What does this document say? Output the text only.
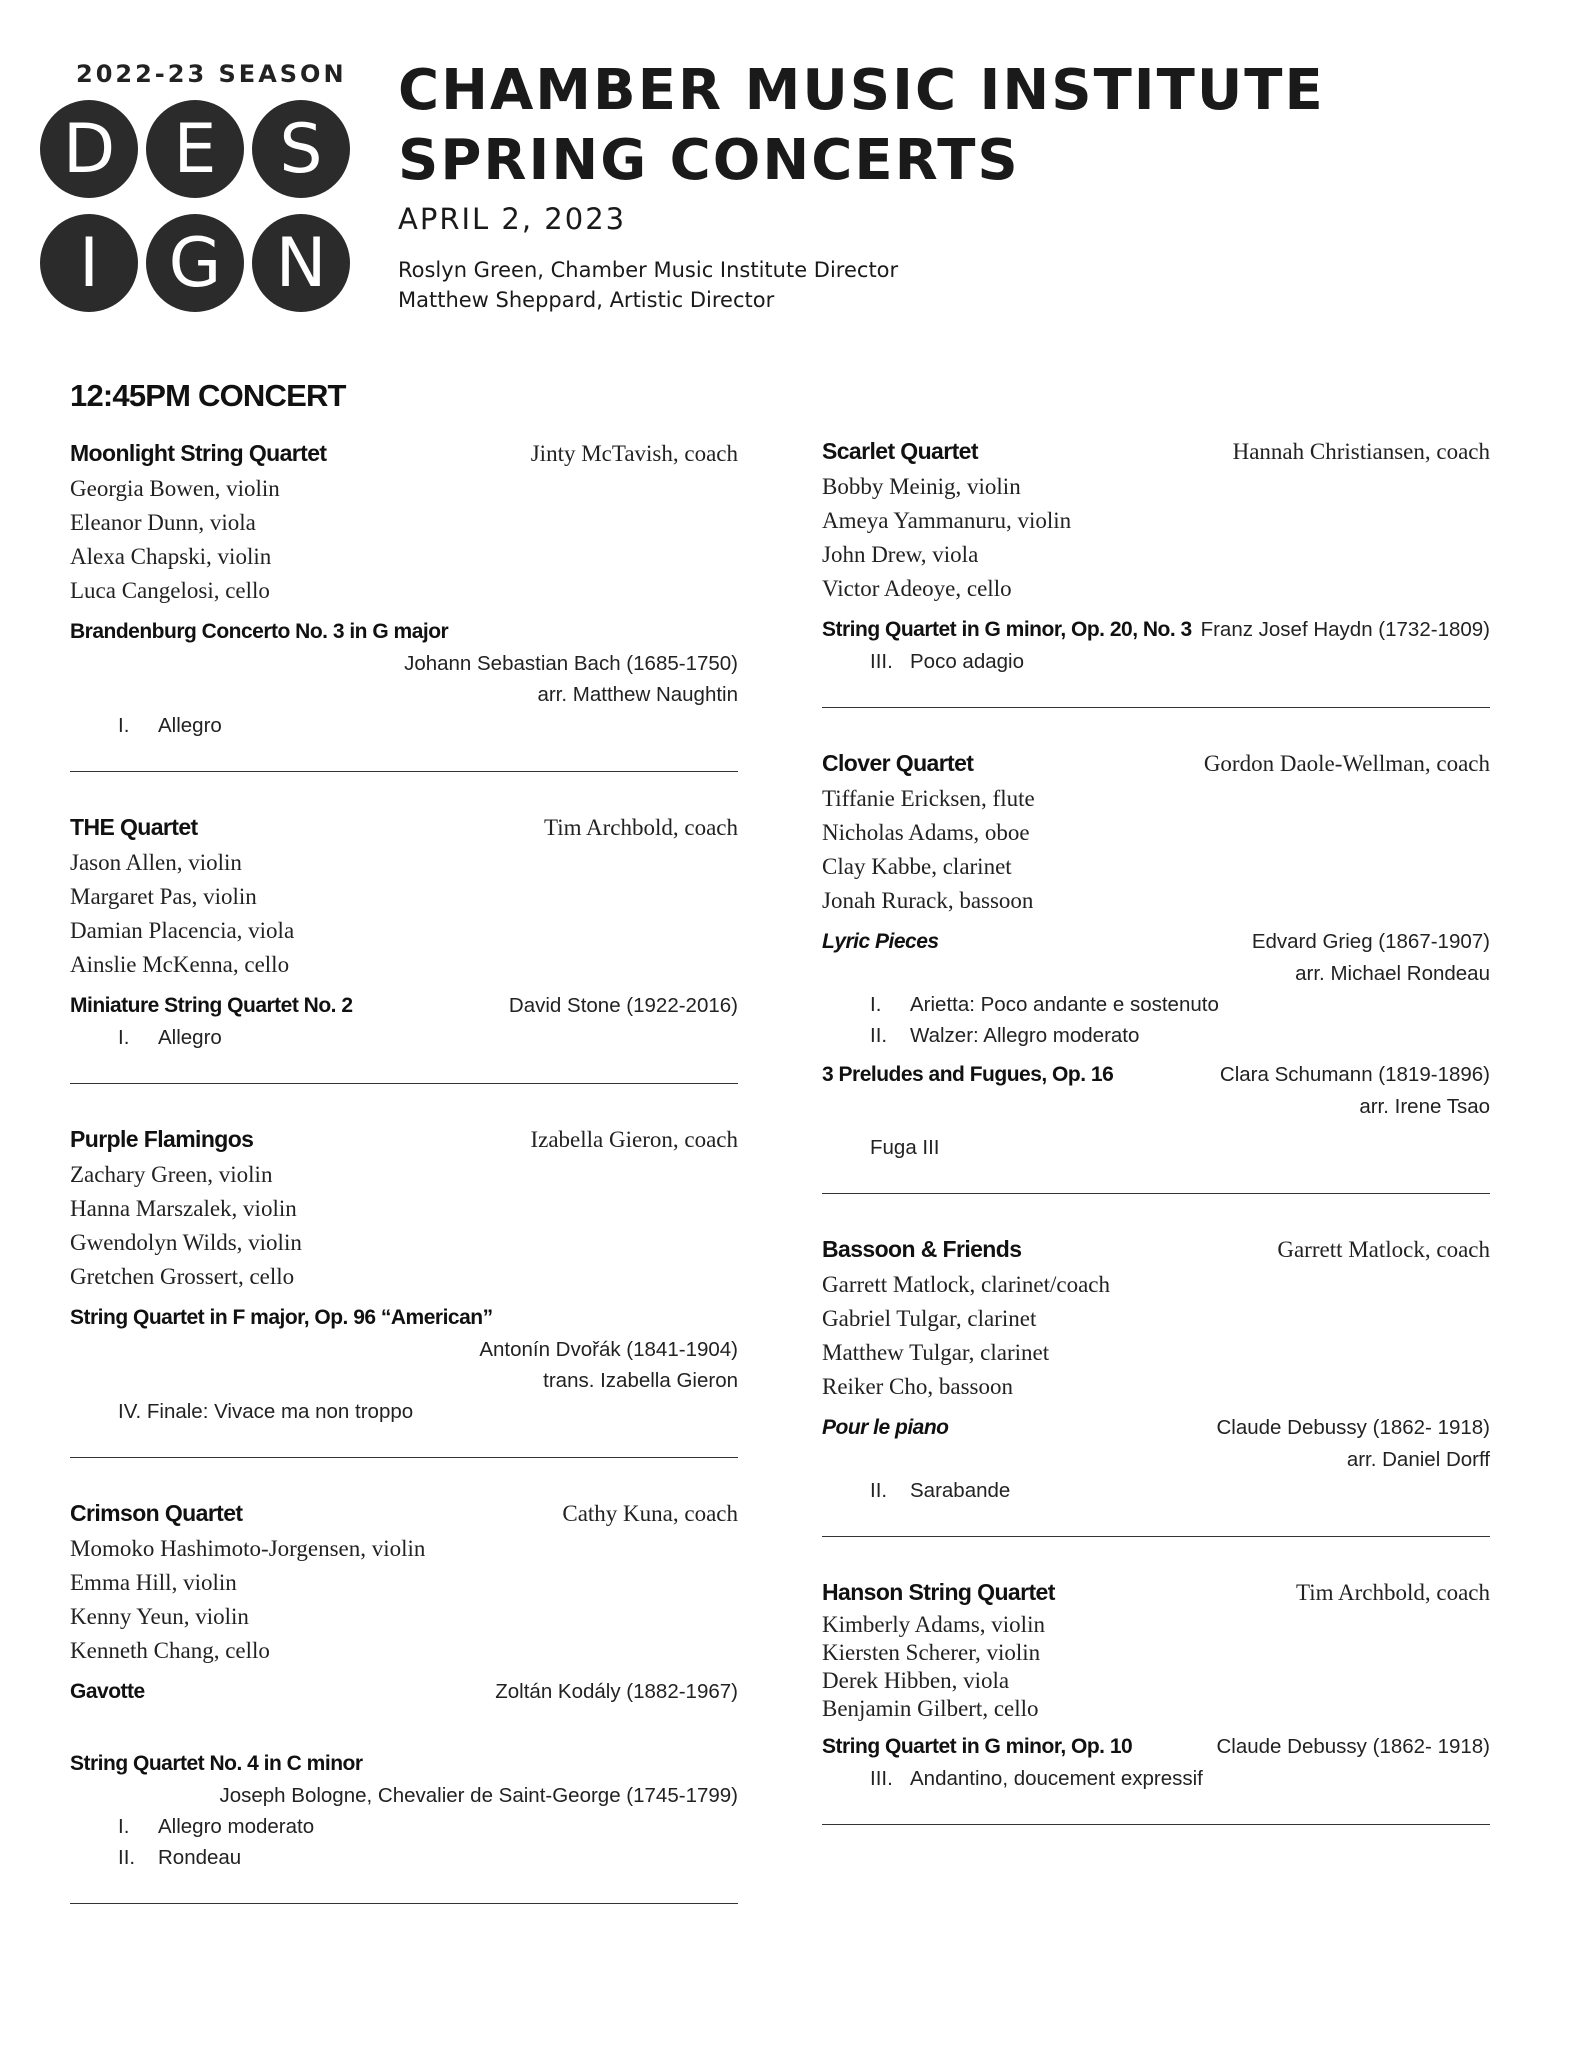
2022-23 SEASON
D E S
I	G N
CHAMBER MUSIC INSTITUTE
SPRING CONCERTS
APRIL 2, 2023
Roslyn Green, Chamber Music Institute Director
Matthew Sheppard, Artistic Director
12:45PM CONCERT
Moonlight String Quartet	Jinty McTavish, coach
Georgia Bowen, violin
Eleanor Dunn, viola
Alexa Chapski, violin
Luca Cangelosi, cello
Brandenburg Concerto No. 3 in G major
Johann Sebastian Bach (1685-1750)
arr. Matthew Naughtin
I.	Allegro
THE Quartet	Tim Archbold, coach
Jason Allen, violin
Margaret Pas, violin
Damian Placencia, viola
Ainslie McKenna, cello
Miniature String Quartet No. 2	David Stone (1922-2016)
I.	Allegro
Purple Flamingos	Izabella Gieron, coach
Zachary Green, violin
Hanna Marszalek, violin
Gwendolyn Wilds, violin
Gretchen Grossert, cello
String Quartet in F major, Op. 96 “American”
Antonín Dvořák (1841-1904)
trans. Izabella Gieron
IV. Finale: Vivace ma non troppo
Crimson Quartet	Cathy Kuna, coach
Momoko Hashimoto-Jorgensen, violin
Emma Hill, violin
Kenny Yeun, violin
Kenneth Chang, cello
Gavotte	Zoltán Kodály (1882-1967)
String Quartet No. 4 in C minor
Joseph Bologne, Chevalier de Saint-George (1745-1799)
I.	Allegro moderato
II.	Rondeau
Scarlet Quartet	Hannah Christiansen, coach
Bobby Meinig, violin
Ameya Yammanuru, violin
John Drew, viola
Victor Adeoye, cello
String Quartet in G minor, Op. 20, No. 3 Franz Josef Haydn (1732-1809)
III. Poco adagio
Clover Quartet	Gordon Daole-Wellman, coach
Tiffanie Ericksen, flute
Nicholas Adams, oboe
Clay Kabbe, clarinet
Jonah Rurack, bassoon
Lyric Pieces	Edvard Grieg (1867-1907)
arr. Michael Rondeau
I.	Arietta: Poco andante e sostenuto
II.	Walzer: Allegro moderato
3 Preludes and Fugues, Op. 16	Clara Schumann (1819-1896)
arr. Irene Tsao
Fuga III
Bassoon & Friends	Garrett Matlock, coach
Garrett Matlock, clarinet/coach
Gabriel Tulgar, clarinet
Matthew Tulgar, clarinet
Reiker Cho, bassoon
Pour le piano	Claude Debussy (1862- 1918)
arr. Daniel Dorff
II.	Sarabande
Hanson String Quartet	Tim Archbold, coach
Kimberly Adams, violin
Kiersten Scherer, violin
Derek Hibben, viola
Benjamin Gilbert, cello
String Quartet in G minor, Op. 10	Claude Debussy (1862- 1918)
III. Andantino, doucement expressif
